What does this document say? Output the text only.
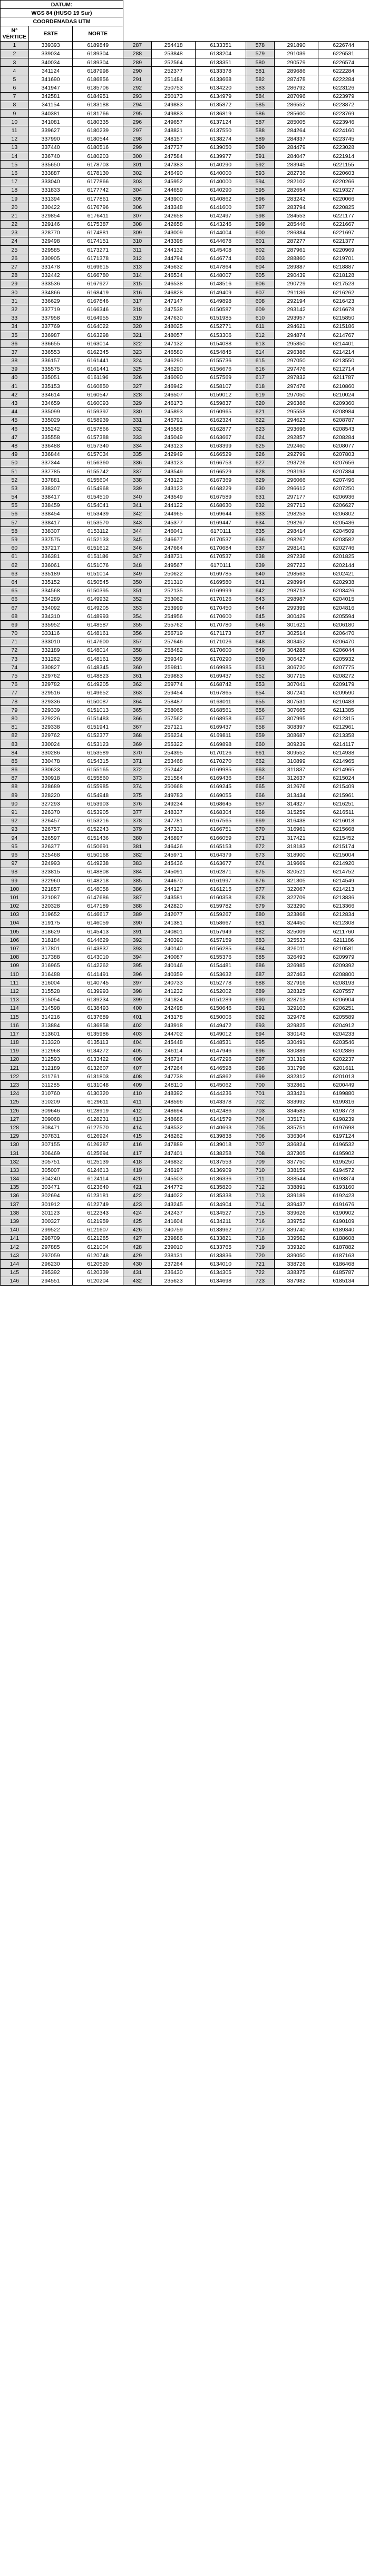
DATUM:								
WGS 84 (HUSO 19 Sur)								
COORDENADAS UTM								
N°
VÉRTICE	ESTE	NORTE						
1	339393	6189849	287	254418	6133351	578	291890	6226744
2	339034	6189304	288	253848	6133204	579	291039	6226531
3	340034	6189304	289	252564	6133351	580	290579	6226574
4	341124	6187998	290	252377	6133378	581	289686	6222284
5	341690	6186856	291	251484	6133668	582	287478	6222284
6	341947	6185706	292	250753	6134220	583	286792	6223126
7	342581	6184951	293	250173	6134979	584	287096	6223979
8	341154	6183188	294	249883	6135872	585	286552	6223872
9	340381	6181766	295	249883	6136819	586	285600	6223769
10	341081	6180335	296	249657	6137124	587	285005	6223946
11	339627	6180239	297	248821	6137550	588	284264	6224160
12	337990	6180544	298	248157	6138274	589	284337	6223745
13	337440	6180516	299	247737	6139050	590	284479	6223028
14	336740	6180203	300	247584	6139977	591	284047	6221914
15	335650	6178703	301	247383	6140290	592	283945	6221155
16	333887	6178130	302	246490	6140000	593	282736	6220603
17	333040	6177866	303	245952	6140000	594	282102	6220266
18	331833	6177742	304	244659	6140290	595	282654	6219327
19	331394	6177861	305	243900	6140862	596	283242	6220066
20	330422	6176796	306	243348	6141600	597	283794	6220825
21	329854	6176411	307	242658	6142497	598	284553	6221177
22	329146	6175387	308	242658	6143246	599	285446	6221667
23	328770	6174881	309	243009	6144004	600	286384	6221697
24	329498	6174151	310	243398	6144678	601	287277	6221377
25	329585	6173271	311	244132	6145408	602	287961	6220969
26	330905	6171378	312	244794	6146774	603	288860	6219701
27	331478	6169615	313	245632	6147864	604	289887	6218887
28	332442	6166780	314	246534	6148007	605	290439	6218128
29	333536	6167927	315	246538	6148516	606	290729	6217523
30	334866	6168419	316	246828	6149409	607	291136	6216262
31	336629	6167846	317	247147	6149898	608	292194	6216423
32	337719	6166346	318	247538	6150587	609	293142	6216678
33	337958	6164955	319	247630	6151985	610	293957	6215850
34	337769	6164022	320	248025	6152771	611	294621	6215186
35	336987	6163298	321	248057	6153306	612	294874	6214767
36	336655	6163014	322	247132	6154088	613	295850	6214401
37	336553	6162345	323	246580	6154845	614	296386	6214214
38	336157	6161441	324	246290	6155736	615	297050	6213550
39	335575	6161441	325	246290	6156676	616	297476	6212714
40	335051	6161196	326	246090	6157569	617	297832	6211787
41	335153	6160850	327	246942	6158107	618	297476	6210860
42	334614	6160547	328	246507	6159012	619	297050	6210024
43	334659	6160093	329	246173	6159837	620	296386	6209360
44	335099	6159397	330	245893	6160965	621	295558	6208984
45	335029	6158939	331	245791	6162324	622	294623	6208787
46	335242	6157866	332	245588	6162877	623	293696	6208543
47	335558	6157388	333	245049	6163667	624	292857	6208284
48	336488	6157340	334	243123	6163399	625	292460	6208077
49	336844	6157034	335	242949	6166529	626	292799	6207803
50	337344	6156360	336	243123	6166753	627	293726	6207656
51	337785	6155742	337	243549	6166529	628	293193	6207384
52	337881	6155604	338	243123	6167369	629	296066	6207496
53	338307	6154968	339	243123	6168229	630	296612	6207250
54	338417	6154510	340	243549	6167589	631	297177	6206936
55	338459	6154041	341	244122	6168630	632	297713	6206627
56	338454	6153439	342	244965	6169644	633	298253	6206302
57	338417	6153570	343	245377	6169447	634	298267	6205436
58	338307	6153112	344	246041	6170111	635	298414	6204509
59	337575	6152133	345	246677	6170537	636	298267	6203582
60	337217	6151612	346	247664	6170684	637	298141	6202746
61	336381	6151186	347	248731	6170537	638	297236	6201825
62	336061	6151076	348	249567	6170111	639	297723	6202144
63	335189	6151014	349	250622	6169785	640	298563	6202421
64	335152	6150545	350	251310	6169580	641	298994	6202938
65	334568	6150395	351	252135	6169999	642	298713	6203426
66	334289	6149932	352	253062	6170126	643	298987	6204015
67	334092	6149205	353	253999	6170450	644	299399	6204816
68	334310	6148993	354	254956	6170600	645	300429	6205594
69	335952	6148587	355	255762	6170780	646	301621	6206180
70	333116	6148161	356	256719	6171173	647	302514	6206470
71	333010	6147600	357	257646	6171026	648	303452	6206470
72	332189	6148014	358	258482	6170600	649	304288	6206044
73	331262	6148161	359	259349	6170290	650	306427	6205932
74	330827	6148345	360	259811	6169985	651	306720	6207775
75	329762	6148823	361	259883	6169437	652	307715	6208272
76	329782	6149205	362	259774	6168742	653	307041	6209179
77	329516	6149652	363	259454	6167865	654	307241	6209590
78	329336	6150087	364	258487	6168011	655	307531	6210483
79	329339	6151013	365	258065	6168561	656	307665	6211385
80	329226	6151483	366	257562	6168958	657	307995	6212315
81	329338	6151941	367	257121	6169437	658	308397	6212961
82	329762	6152377	368	256234	6169811	659	308687	6213358
83	330024	6153123	369	255322	6169898	660	309239	6214117
84	330286	6153589	370	254395	6170126	661	309552	6214938
85	330478	6154315	371	253468	6170270	662	310899	6214965
86	330633	6155165	372	252442	6169985	663	311837	6214965
87	330918	6155860	373	251584	6169436	664	312637	6215024
88	328689	6155985	374	250668	6169245	665	312676	6215409
89	328220	6154948	375	249783	6169055	666	313434	6215961
90	327293	6153903	376	249234	6168645	667	314327	6216251
91	326370	6153905	377	248337	6168304	668	315259	6216511
92	326457	6153216	378	247781	6167565	669	316438	6216018
93	326757	6152243	379	247331	6166751	670	316961	6215668
94	326597	6151436	380	246897	6166059	671	317421	6215452
95	326377	6150691	381	246426	6165153	672	318183	6215174
96	325468	6150168	382	245971	6164379	673	318900	6215004
97	324993	6149238	383	245436	6163677	674	319669	6214920
98	323815	6148808	384	245091	6162871	675	320521	6214752
99	322960	6148218	385	244670	6161997	676	321305	6214549
100	321857	6148058	386	244127	6161215	677	322067	6214213
101	321087	6147686	387	243581	6160358	678	322709	6213836
102	320328	6147189	388	242820	6159782	679	323290	6213366
103	319652	6146617	389	242077	6159267	680	323868	6212834
104	319175	6146059	390	241381	6158667	681	324450	6212308
105	318629	6145413	391	240801	6157949	682	325009	6211760
106	318184	6144629	392	240392	6157159	683	325533	6211186
107	317801	6143837	393	240140	6156285	684	326011	6210581
108	317388	6143010	394	240087	6155376	685	326493	6209979
109	316965	6142262	395	240146	6154481	686	326985	6209392
110	316488	6141491	396	240359	6153632	687	327463	6208800
111	316004	6140745	397	240733	6152778	688	327916	6208193
112	315528	6139993	398	241232	6152002	689	328325	6207557
113	315054	6139234	399	241824	6151289	690	328713	6206904
114	314598	6138493	400	242498	6150646	691	329103	6206251
115	314216	6137689	401	243178	6150006	692	329478	6205589
116	313884	6136858	402	243918	6149472	693	329825	6204912
117	313601	6135986	403	244702	6149012	694	330143	6204233
118	313320	6135113	404	245448	6148531	695	330491	6203546
119	312968	6134272	405	246114	6147946	696	330889	6202886
120	312593	6133422	406	246714	6147296	697	331319	6202237
121	312189	6132607	407	247264	6146598	698	331796	6201611
122	311761	6131803	408	247738	6145862	699	332312	6201013
123	311285	6131048	409	248110	6145062	700	332861	6200449
124	310760	6130320	410	248392	6144236	701	333421	6199880
125	310209	6129611	411	248596	6143378	702	333992	6199316
126	309646	6128919	412	248694	6142486	703	334583	6198773
127	309068	6128231	413	248686	6141579	704	335171	6198239
128	308471	6127570	414	248532	6140693	705	335751	6197698
129	307831	6126924	415	248262	6139838	706	336304	6197124
130	307155	6126287	416	247889	6139018	707	336824	6196532
131	306469	6125694	417	247401	6138258	708	337305	6195902
132	305751	6125139	418	246832	6137553	709	337750	6195250
133	305007	6124613	419	246197	6136909	710	338159	6194572
134	304240	6124114	420	245503	6136336	711	338544	6193874
135	303471	6123640	421	244772	6135820	712	338891	6193160
136	302694	6123181	422	244022	6135338	713	339189	6192423
137	301912	6122749	423	243245	6134904	714	339437	6191676
138	301123	6122343	424	242437	6134527	715	339626	6190902
139	300327	6121959	425	241604	6134211	716	339752	6190109
140	299522	6121607	426	240759	6133962	717	339740	6189340
141	298709	6121285	427	239886	6133821	718	339562	6188608
142	297885	6121004	428	239010	6133765	719	339320	6187882
143	297059	6120748	429	238131	6133836	720	339050	6187163
144	296230	6120520	430	237264	6134010	721	338726	6186468
145	295392	6120339	431	236430	6134305	722	338375	6185787
146	294551	6120204	432	235623	6134698	723	337982	6185134
